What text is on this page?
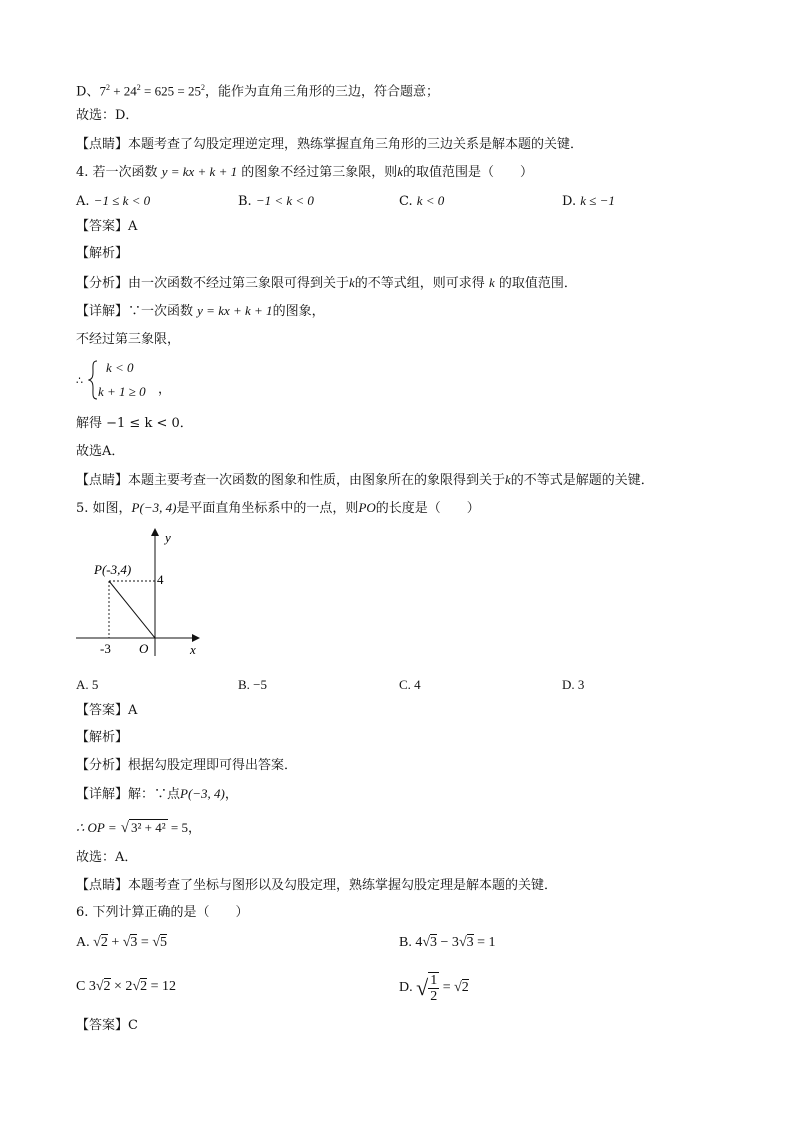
D、$7^2 + 24^2 = 625 = 25^2$，能作为直角三角形的三边，符合题意；
故选：D．
【点睛】本题考查了勾股定理逆定理，熟练掌握直角三角形的三边关系是解本题的关键．
4. 若一次函数 y = kx + k + 1 的图象不经过第三象限，则k的取值范围是（　　）
A. −1 ≤ k < 0	B. −1 < k < 0	C. k < 0	D. k ≤ −1
【答案】A
【解析】
【分析】由一次函数不经过第三象限可得到关于k的不等式组，则可求得 k 的取值范围．
【详解】∵一次函数 y = kx + k + 1的图象，
不经过第三象限，
∴
k < 0
k + 1 ≥ 0 ，
解得 −1 ≤ k < 0．
故选A．
【点睛】本题主要考查一次函数的图象和性质，由图象所在的象限得到关于k的不等式是解题的关键．
5. 如图，P(−3, 4)是平面直角坐标系中的一点，则PO的长度是（　　）
y
x
P(-3,4)
4
-3 O
A. 5	B. −5	C. 4	D. 3
【答案】A
【解析】
【分析】根据勾股定理即可得出答案．
【详解】解：∵点P(−3, 4)，
∴ OP = √ 3² + 4² = 5，
故选：A．
【点睛】本题考查了坐标与图形以及勾股定理，熟练掌握勾股定理是解本题的关键．
6. 下列计算正确的是（　　）
A. √2 + √3 = √5	B. 4√3 − 3√3 = 1
C 3√2 × 2√2 = 12	D. √ $\frac{1}{2} = √2$
【答案】C
